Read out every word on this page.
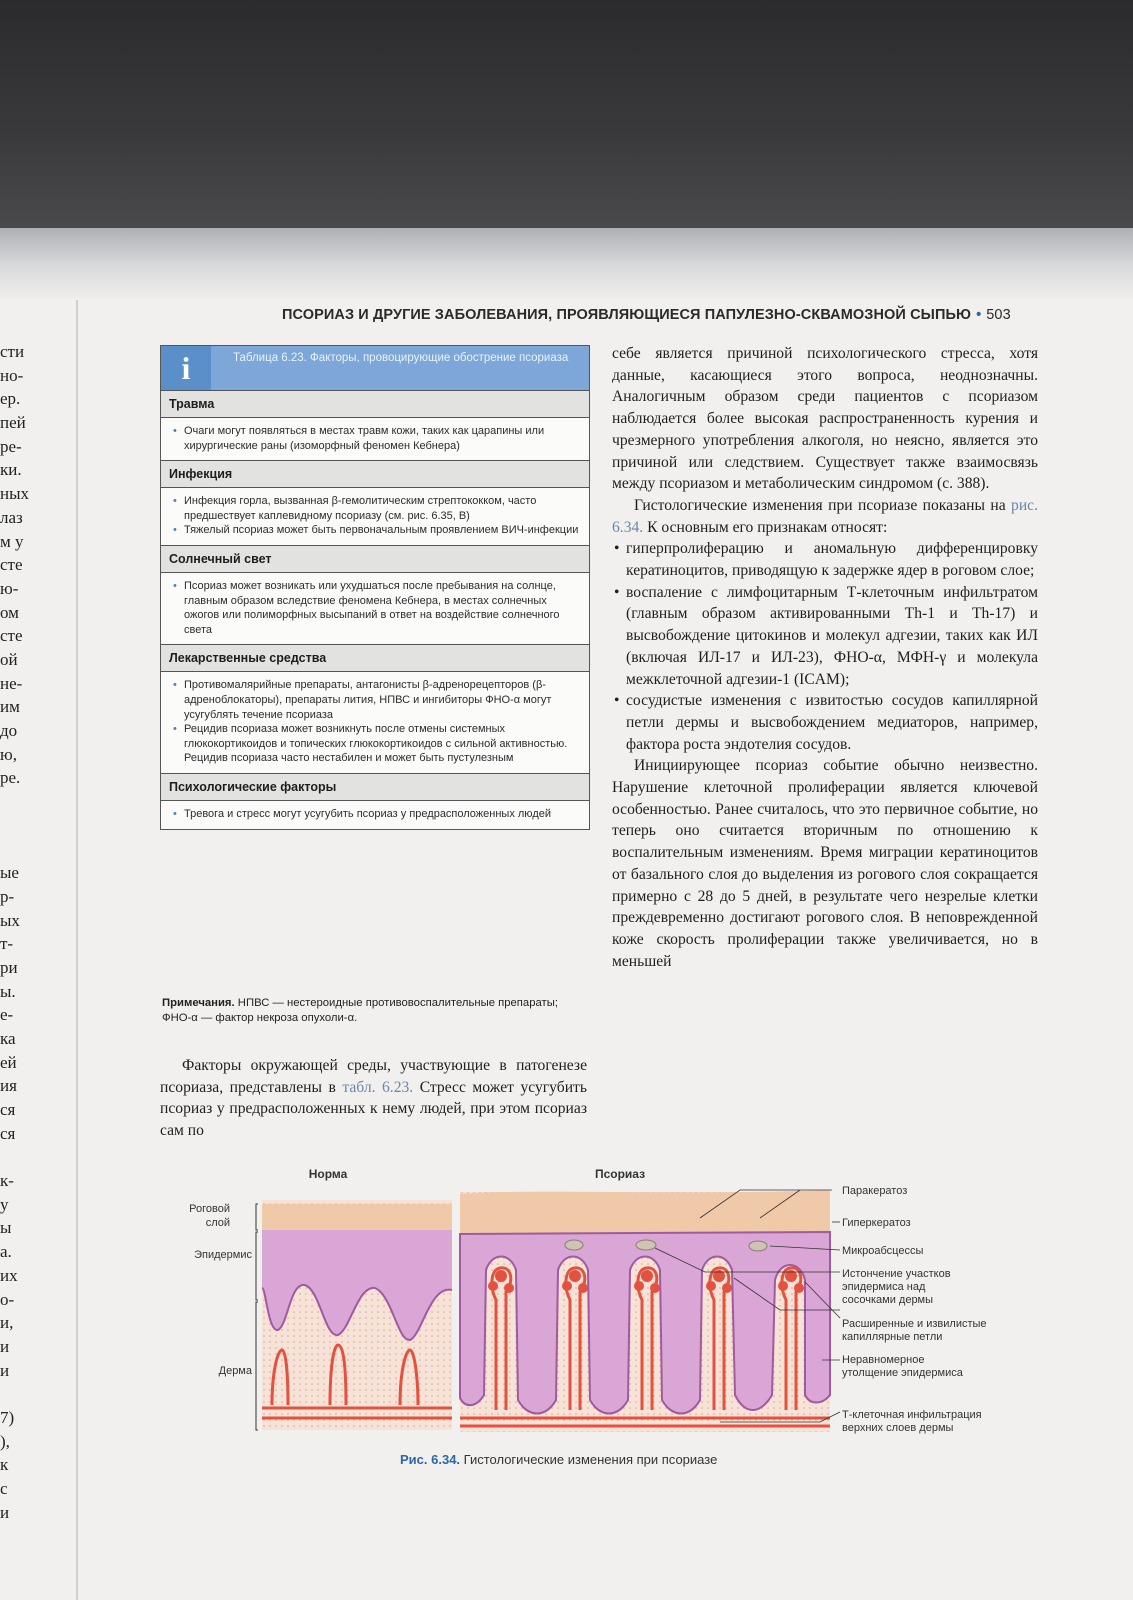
сти
но-
ер.
пей
ре-
ки.
ных
лаз
м у
сте
ю-
ом
сте
ой
не-
им
до
ю,
ре.
ые
р-
ых
т-
ри
ы.
е-
ка
ей
ия
ся
ся
к-
у
ы
а.
их
о-
и,
и
и
7)
),
к
с
и
ПСОРИАЗ И ДРУГИЕ ЗАБОЛЕВАНИЯ, ПРОЯВЛЯЮЩИЕСЯ ПАПУЛЕЗНО-СКВАМОЗНОЙ СЫПЬЮ • 503
i	Таблица 6.23. Факторы, провоцирующие обострение псориаза
Травма
• Очаги могут появляться в местах травм кожи, таких как царапины или хирургические раны (изоморфный феномен Кебнера)
Инфекция
• Инфекция горла, вызванная β-гемолитическим стрептококком, часто предшествует каплевидному псориазу (см. рис. 6.35, В)
• Тяжелый псориаз может быть первоначальным проявлением ВИЧ-инфекции
Солнечный свет
• Псориаз может возникать или ухудшаться после пребывания на солнце, главным образом вследствие феномена Кебнера, в местах солнечных ожогов или полиморфных высыпаний в ответ на воздействие солнечного света
Лекарственные средства
• Противомалярийные препараты, антагонисты β-адренорецепторов (β-адреноблокаторы), препараты лития, НПВС и ингибиторы ФНО-α могут усугублять течение псориаза
• Рецидив псориаза может возникнуть после отмены системных глюкокортикоидов и топических глюкокортикоидов с сильной активностью. Рецидив псориаза часто нестабилен и может быть пустулезным
Психологические факторы
• Тревога и стресс могут усугубить псориаз у предрасположенных людей
Примечания. НПВС — нестероидные противовоспалительные препараты; ФНО-α — фактор некроза опухоли-α.

Факторы окружающей среды, участвующие в патогенезе псориаза, представлены в табл. 6.23. Стресс может усугубить псориаз у предрасположенных к нему людей, при этом псориаз сам по

себе является причиной психологического стресса, хотя данные, касающиеся этого вопроса, неоднозначны. Аналогичным образом среди пациентов с псориазом наблюдается более высокая распространенность курения и чрезмерного употребления алкоголя, но неясно, является это причиной или следствием. Существует также взаимосвязь между псориазом и метаболическим синдромом (с. 388).

Гистологические изменения при псориазе показаны на рис. 6.34. К основным его признакам относят:

• гиперпролиферацию и аномальную дифференцировку кератиноцитов, приводящую к задержке ядер в роговом слое;
• воспаление с лимфоцитарным Т-клеточным инфильтратом (главным образом активированными Th-1 и Th-17) и высвобождение цитокинов и молекул адгезии, таких как ИЛ (включая ИЛ-17 и ИЛ-23), ФНО-α, МФН-γ и молекула межклеточной адгезии-1 (ICAM);
• сосудистые изменения с извитостью сосудов капиллярной петли дермы и высвобождением медиаторов, например, фактора роста эндотелия сосудов.

Инициирующее псориаз событие обычно неизвестно. Нарушение клеточной пролиферации является ключевой особенностью. Ранее считалось, что это первичное событие, но теперь оно считается вторичным по отношению к воспалительным изменениям. Время миграции кератиноцитов от базального слоя до выделения из рогового слоя сокращается примерно с 28 до 5 дней, в результате чего незрелые клетки преждевременно достигают рогового слоя. В неповрежденной коже скорость пролиферации также увеличивается, но в меньшей

Норма	Псориаз
Роговой
слой
Эпидермис
Дерма
Паракератоз
Гиперкератоз
Микроабсцессы
Истончение участков
эпидермиса над
сосочками дермы
Расширенные и извилистые
капиллярные петли
Неравномерное
утолщение эпидермиса
Т-клеточная инфильтрация
верхних слоев дермы
Рис. 6.34. Гистологические изменения при псориазе
